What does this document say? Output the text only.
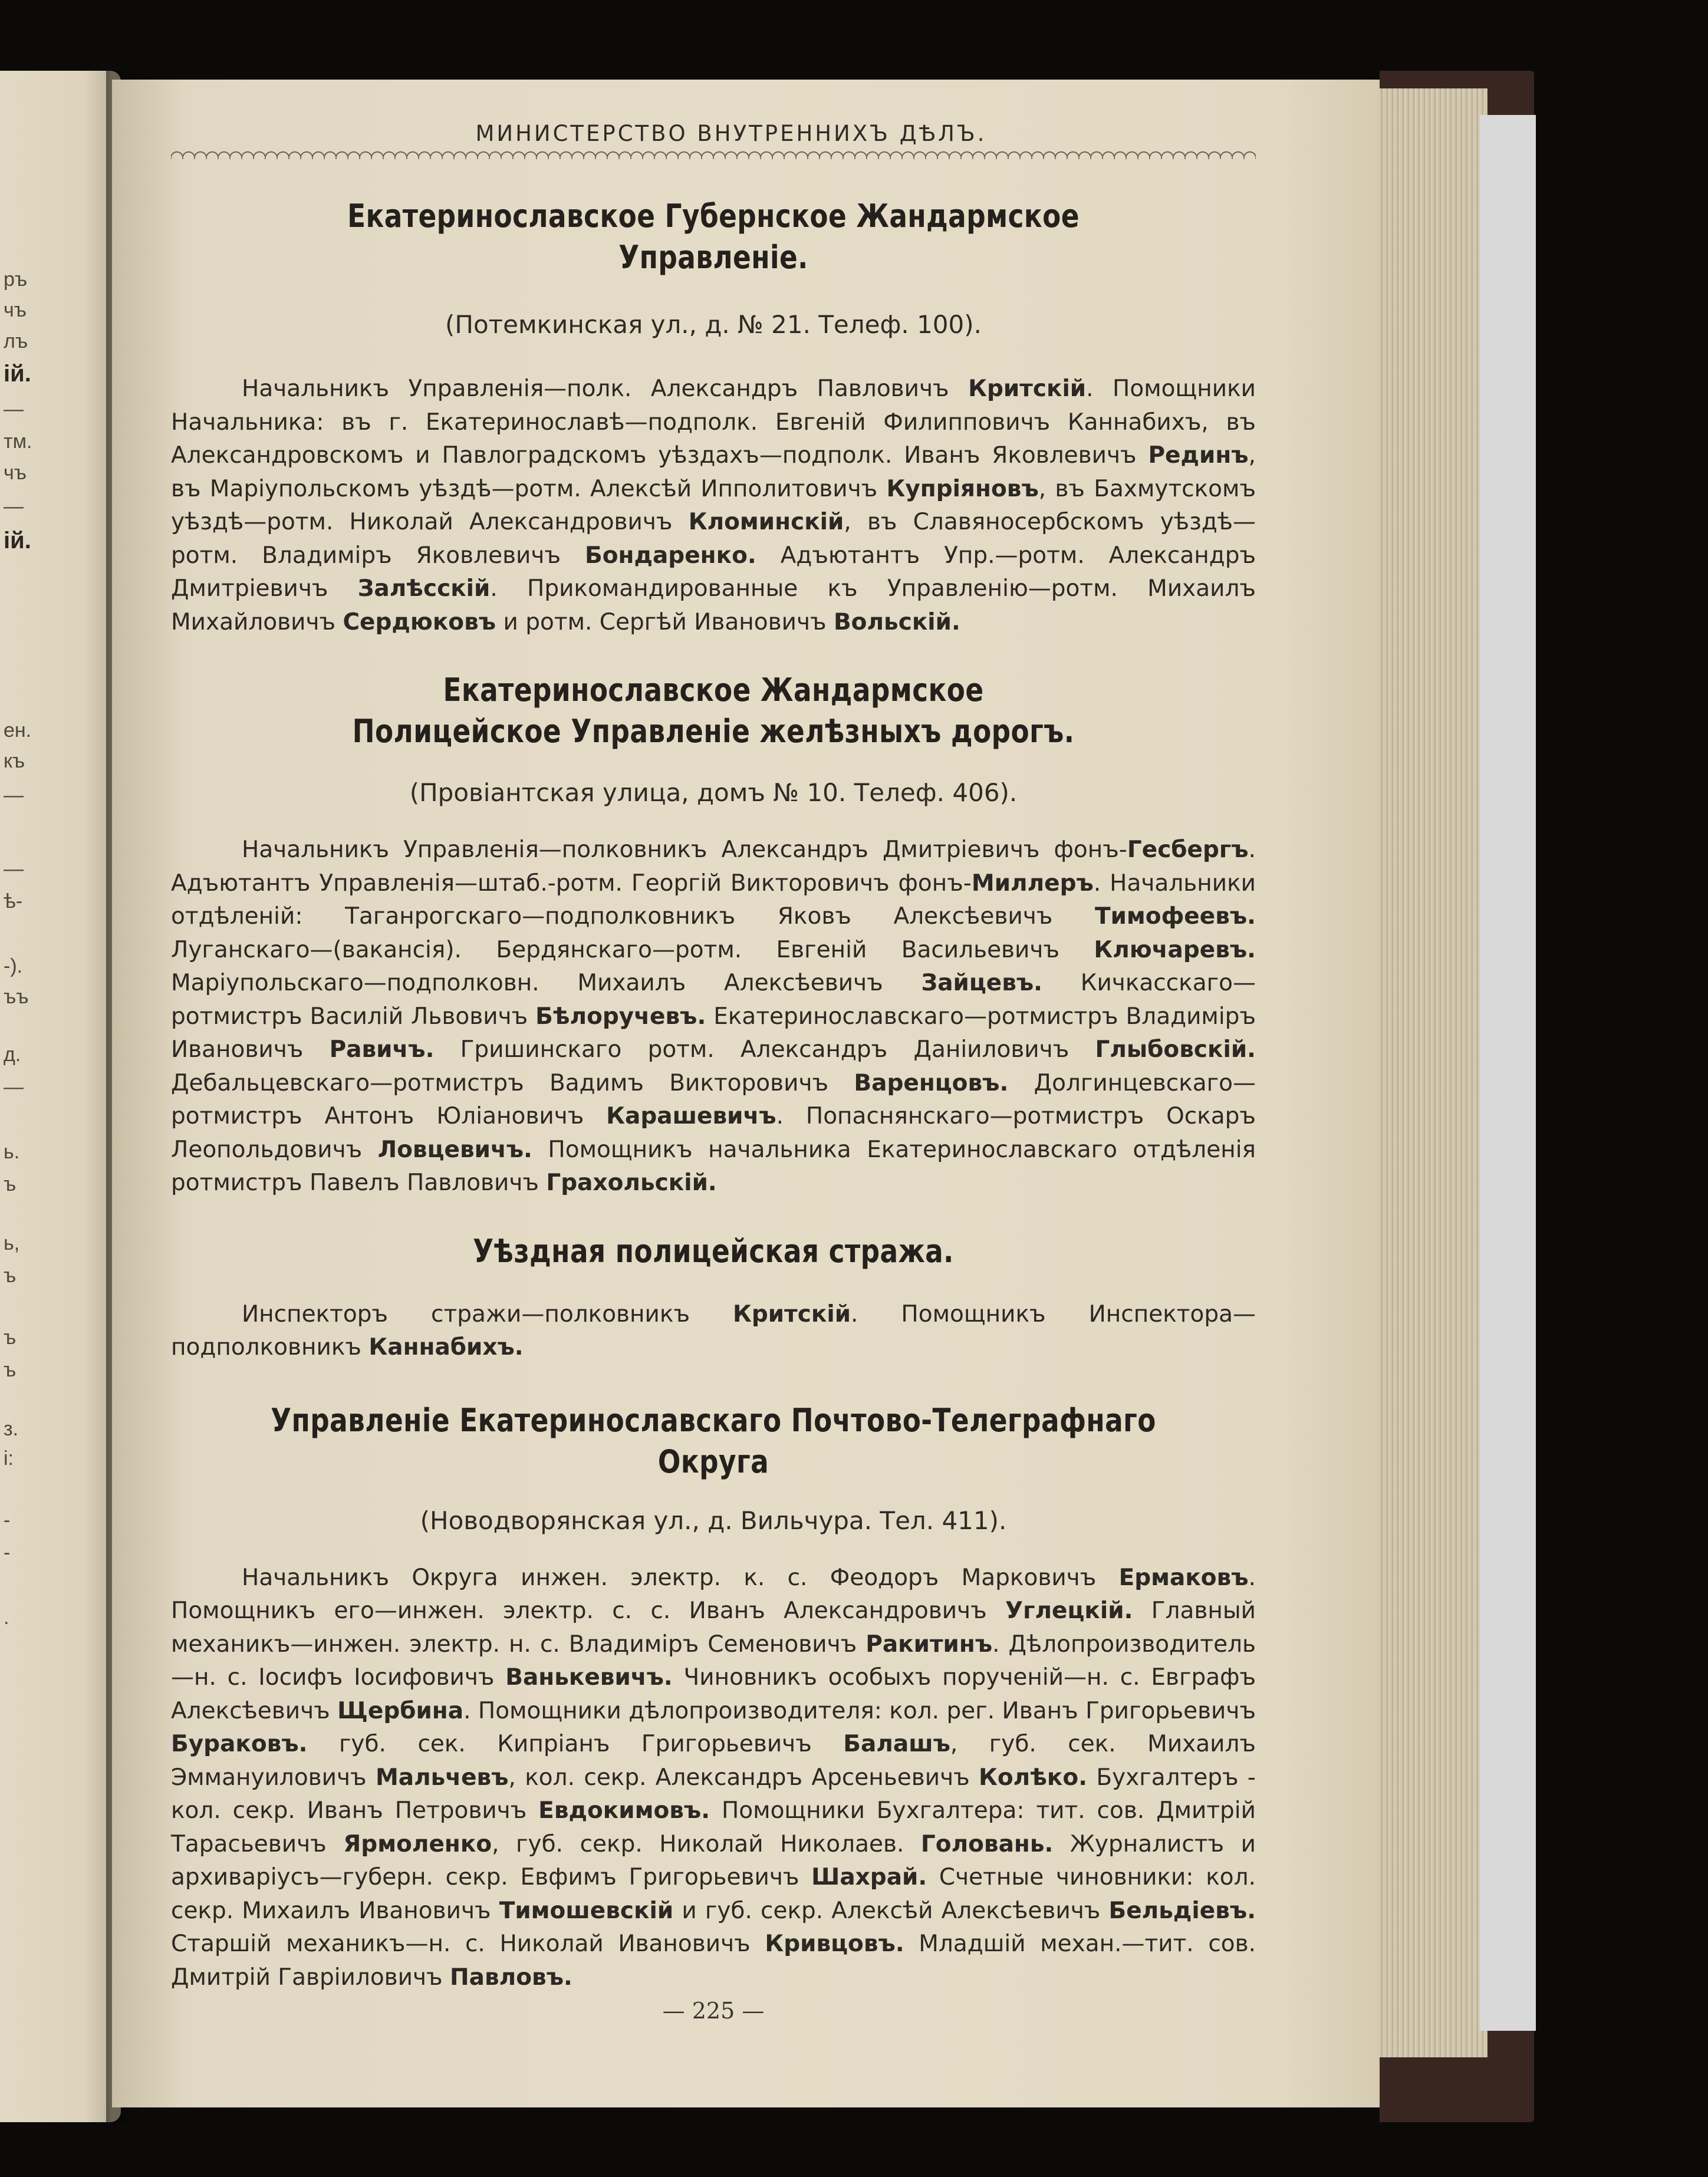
ръ
чъ
лъ
ій.
—
тм.
чъ
—
ій.
ен.
къ
—
—
ѣ-
-).
ъъ
д.
—
ь.
ъ
ь,
ъ
ъ
ъ
з.
і:
-
-
.
МИНИСТЕРСТВО ВНУТРЕННИХЪ ДѢЛЪ.
Екатеринославское Губернское Жандармское Управленіе.
(Потемкинская ул., д. № 21. Телеф. 100).

Начальникъ Управленія—полк. Александръ Павловичъ Критскій. Помощники Начальника: въ г. Екатеринославѣ—подполк. Евгеній Филипповичъ Каннабихъ, въ Александровскомъ и Павлоградскомъ уѣздахъ—подполк. Иванъ Яковлевичъ Рединъ, въ Маріупольскомъ уѣздѣ—ротм. Алексѣй Ипполитовичъ Купріяновъ, въ Бахмутскомъ уѣздѣ—ротм. Николай Александровичъ Кломинскій, въ Славяносербскомъ уѣздѣ—ротм. Владиміръ Яковлевичъ Бондаренко. Адъютантъ Упр.—ротм. Александръ Дмитріевичъ Залѣсскій. Прикомандированные къ Управленію—ротм. Михаилъ Михайловичъ Сердюковъ и ротм. Сергѣй Ивановичъ Вольскій.

Екатеринославское Жандармское Полицейское Управленіе желѣзныхъ дорогъ.
(Провіантская улица, домъ № 10. Телеф. 406).

Начальникъ Управленія—полковникъ Александръ Дмитріевичъ фонъ-Гесбергъ. Адъютантъ Управленія—штаб.-ротм. Георгій Викторовичъ фонъ-Миллеръ. Начальники отдѣленій: Таганрогскаго—подполковникъ Яковъ Алексѣевичъ Тимофеевъ. Луганскаго—(вакансія). Бердянскаго—ротм. Евгеній Васильевичъ Ключаревъ. Маріупольскаго—подполковн. Михаилъ Алексѣевичъ Зайцевъ. Кичкасскаго—ротмистръ Василій Львовичъ Бѣлоручевъ. Екатеринославскаго—ротмистръ Владиміръ Ивановичъ Равичъ. Гришинскаго ротм. Александръ Даніиловичъ Глыбовскій. Дебальцевскаго—ротмистръ Вадимъ Викторовичъ Варенцовъ. Долгинцевскаго—ротмистръ Антонъ Юліановичъ Карашевичъ. Попаснянскаго—ротмистръ Оскаръ Леопольдовичъ Ловцевичъ. Помощникъ начальника Екатеринославскаго отдѣленія ротмистръ Павелъ Павловичъ Грахольскій.

Уѣздная полицейская стража.

Инспекторъ стражи—полковникъ Критскій. Помощникъ Инспектора—подполковникъ Каннабихъ.

Управленіе Екатеринославскаго Почтово-Телеграфнаго Округа
(Новодворянская ул., д. Вильчура. Тел. 411).

Начальникъ Округа инжен. электр. к. с. Феодоръ Марковичъ Ермаковъ. Помощникъ его—инжен. электр. с. с. Иванъ Александровичъ Углецкій. Главный механикъ—инжен. электр. н. с. Владиміръ Семеновичъ Ракитинъ. Дѣлопроизводитель—н. с. Іосифъ Іосифовичъ Ванькевичъ. Чиновникъ особыхъ порученій—н. с. Евграфъ Алексѣевичъ Щербина. Помощники дѣлопроизводителя: кол. рег. Иванъ Григорьевичъ Бураковъ. губ. сек. Кипріанъ Григорьевичъ Балашъ, губ. сек. Михаилъ Эммануиловичъ Мальчевъ, кол. секр. Александръ Арсеньевичъ Колѣко. Бухгалтеръ - кол. секр. Иванъ Петровичъ Евдокимовъ. Помощники Бухгалтера: тит. сов. Дмитрій Тарасьевичъ Ярмоленко, губ. секр. Николай Николаев. Головань. Журналистъ и архиваріусъ—губерн. секр. Евфимъ Григорьевичъ Шахрай. Счетные чиновники: кол. секр. Михаилъ Ивановичъ Тимошевскій и губ. секр. Алексѣй Алексѣевичъ Бельдіевъ. Старшій механикъ—н. с. Николай Ивановичъ Кривцовъ. Младшій механ.—тит. сов. Дмитрій Гавріиловичъ Павловъ.

— 225 —
